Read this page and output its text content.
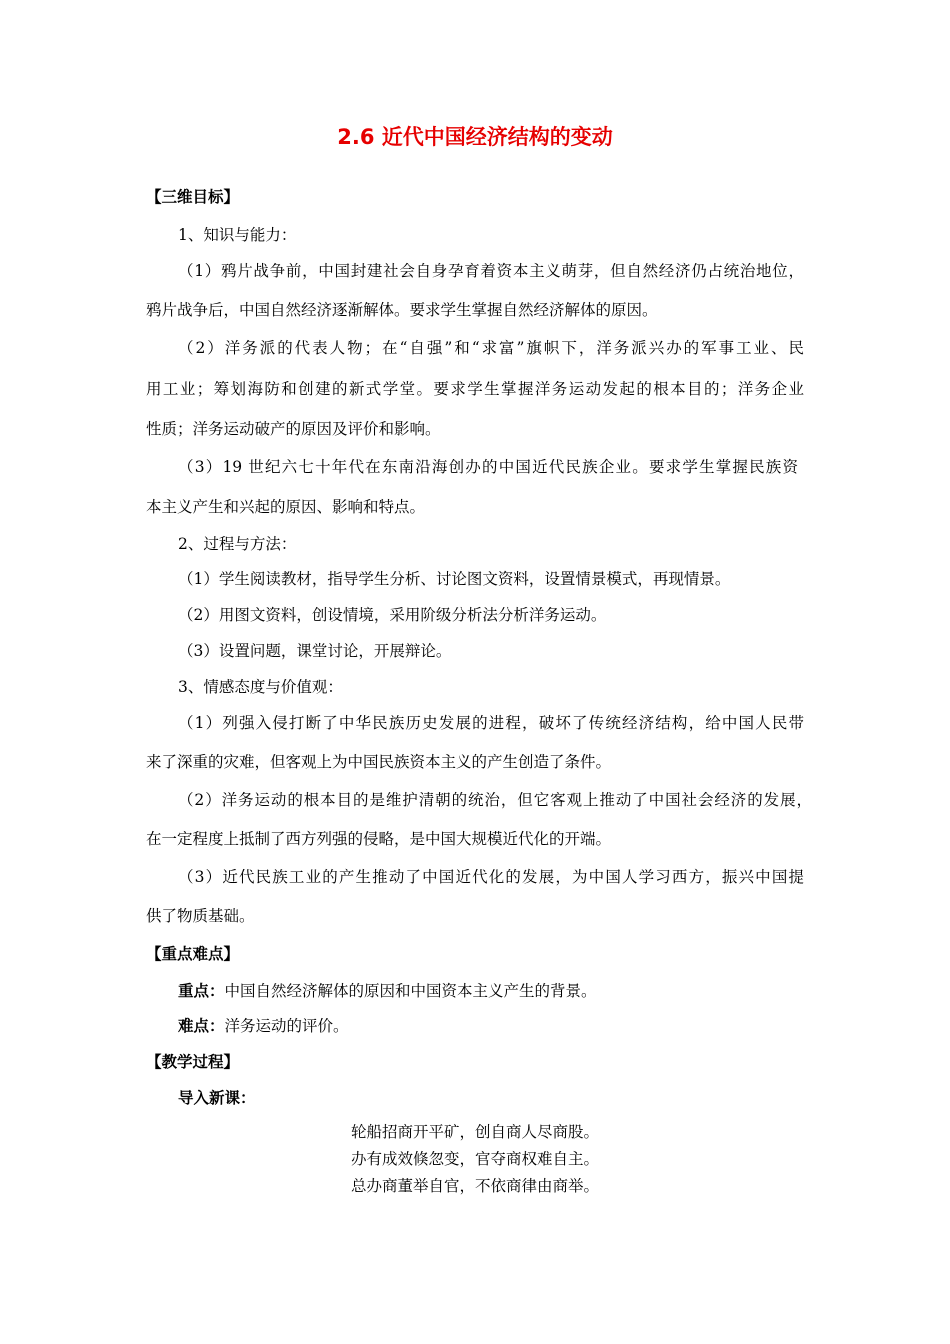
2.6 近代中国经济结构的变动
【三维目标】
1、知识与能力：
（1）鸦片战争前，中国封建社会自身孕育着资本主义萌芽，但自然经济仍占统治地位，
鸦片战争后，中国自然经济逐渐解体。要求学生掌握自然经济解体的原因。
（2）洋务派的代表人物；在“自强”和“求富”旗帜下，洋务派兴办的军事工业、民
用工业；筹划海防和创建的新式学堂。要求学生掌握洋务运动发起的根本目的；洋务企业
性质；洋务运动破产的原因及评价和影响。
（3）19 世纪六七十年代在东南沿海创办的中国近代民族企业。要求学生掌握民族资
本主义产生和兴起的原因、影响和特点。
2、过程与方法：
（1）学生阅读教材，指导学生分析、讨论图文资料，设置情景模式，再现情景。
（2）用图文资料，创设情境，采用阶级分析法分析洋务运动。
（3）设置问题，课堂讨论，开展辩论。
3、情感态度与价值观：
（1）列强入侵打断了中华民族历史发展的进程，破坏了传统经济结构，给中国人民带
来了深重的灾难，但客观上为中国民族资本主义的产生创造了条件。
（2）洋务运动的根本目的是维护清朝的统治，但它客观上推动了中国社会经济的发展，
在一定程度上抵制了西方列强的侵略，是中国大规模近代化的开端。
（3）近代民族工业的产生推动了中国近代化的发展，为中国人学习西方，振兴中国提
供了物质基础。
【重点难点】
重点：中国自然经济解体的原因和中国资本主义产生的背景。
难点：洋务运动的评价。
【教学过程】
导入新课：
轮船招商开平矿，创自商人尽商股。
办有成效倏忽变，官夺商权难自主。
总办商董举自官，不依商律由商举。
